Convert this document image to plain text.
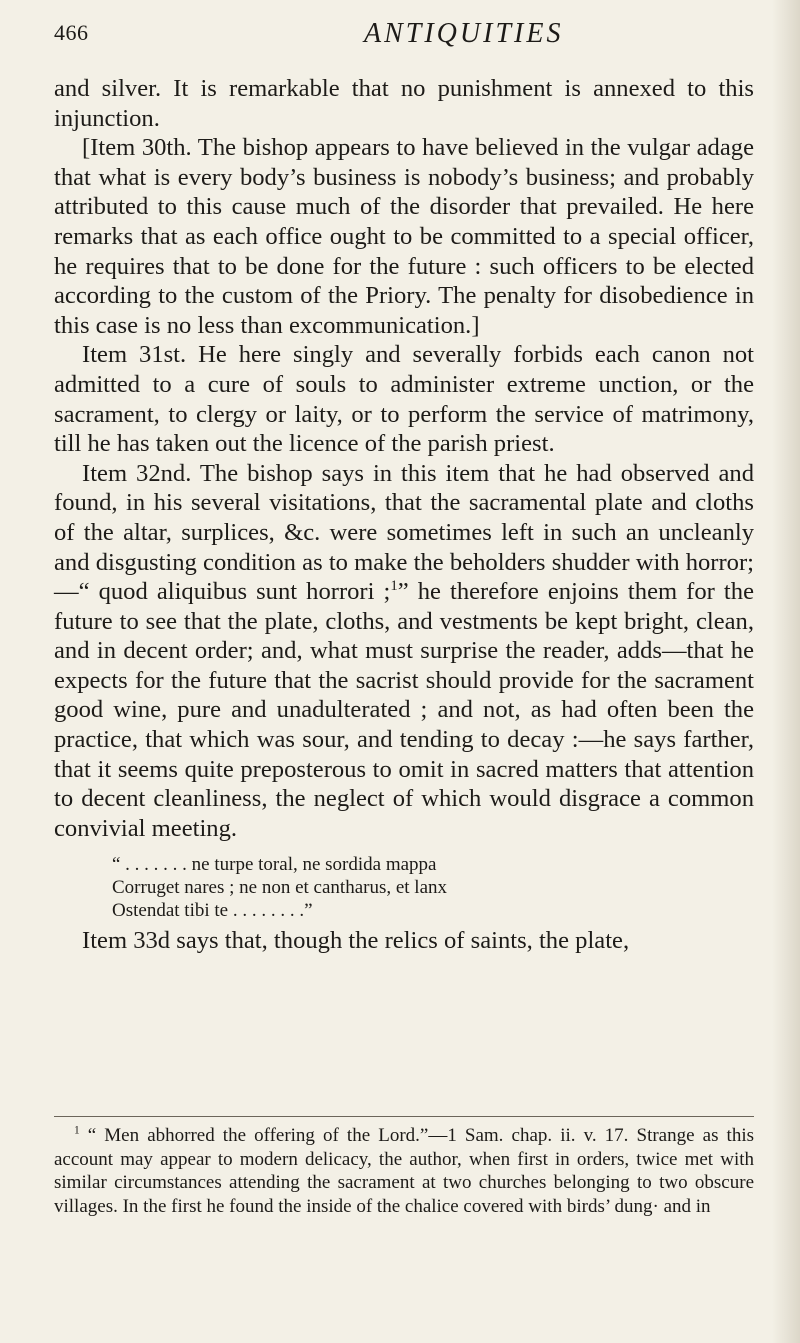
466	ANTIQUITIES

and silver. It is remarkable that no punishment is annexed to this injunction.

[Item 30th. The bishop appears to have believed in the vulgar adage that what is every body’s business is nobody’s business; and probably attributed to this cause much of the disorder that prevailed. He here remarks that as each office ought to be committed to a special officer, he requires that to be done for the future : such officers to be elected according to the custom of the Priory. The penalty for disobedience in this case is no less than excommunication.]

Item 31st. He here singly and severally forbids each canon not admitted to a cure of souls to administer extreme unction, or the sacrament, to clergy or laity, or to perform the service of matrimony, till he has taken out the licence of the parish priest.

Item 32nd. The bishop says in this item that he had observed and found, in his several visitations, that the sacramental plate and cloths of the altar, surplices, &c. were sometimes left in such an uncleanly and disgusting condition as to make the beholders shudder with horror;—“ quod aliquibus sunt horrori ;$^1$” he therefore enjoins them for the future to see that the plate, cloths, and vestments be kept bright, clean, and in decent order; and, what must surprise the reader, adds—that he expects for the future that the sacrist should provide for the sacrament good wine, pure and unadulterated ; and not, as had often been the practice, that which was sour, and tending to decay :—he says farther, that it seems quite preposterous to omit in sacred matters that attention to decent cleanliness, the neglect of which would disgrace a common convivial meeting.

“ . . . . . . . ne turpe toral, ne sordida mappa
Corruget nares ; ne non et cantharus, et lanx
Ostendat tibi te . . . . . . . .”

Item 33d says that, though the relics of saints, the plate,

$^1$ “ Men abhorred the offering of the Lord.”—1 Sam. chap. ii. v. 17. Strange as this account may appear to modern delicacy, the author, when first in orders, twice met with similar circumstances attending the sacrament at two churches belonging to two obscure villages. In the first he found the inside of the chalice covered with birds’ dung· and in
